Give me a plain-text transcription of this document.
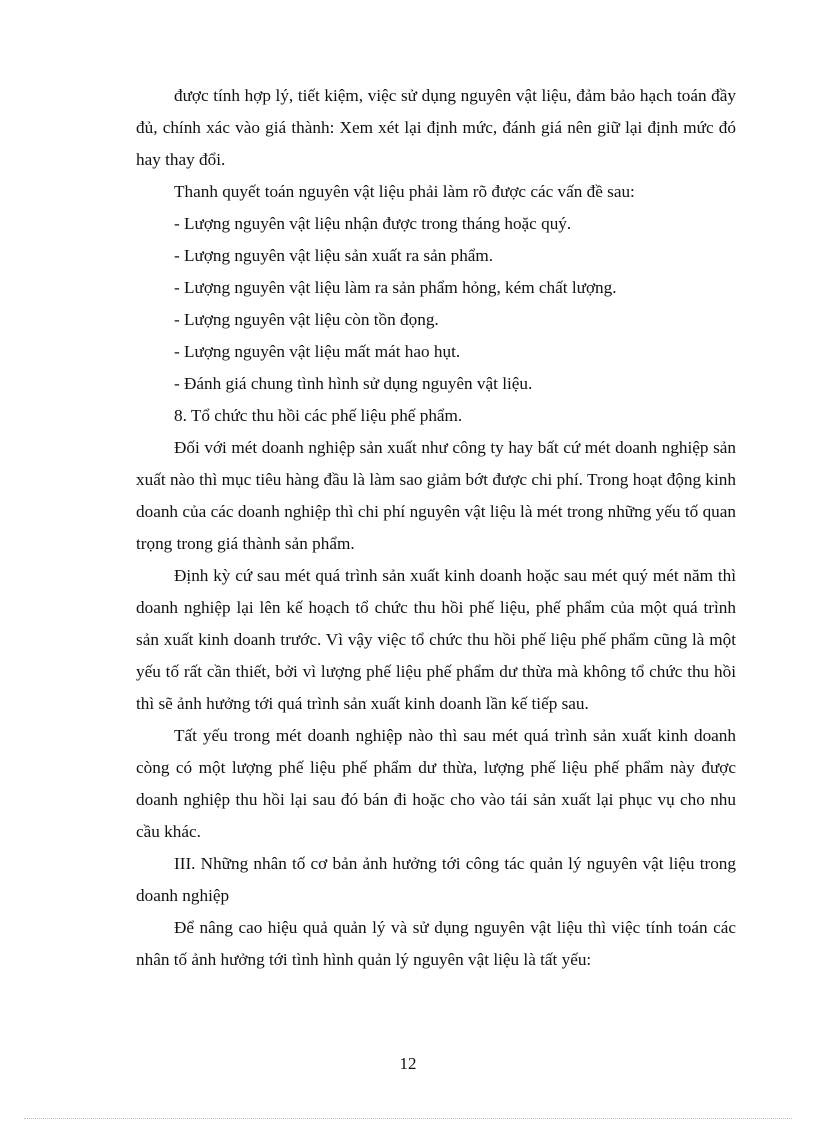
được tính hợp lý, tiết kiệm, việc sử dụng nguyên vật liệu, đảm bảo hạch toán đầy đủ, chính xác vào giá thành: Xem xét lại định mức, đánh giá nên giữ lại định mức đó hay thay đổi.

Thanh quyết toán nguyên vật liệu phải làm rõ được các vấn đề sau:

- Lượng nguyên vật liệu nhận được trong tháng hoặc quý.

- Lượng nguyên vật liệu sản xuất ra sản phẩm.

- Lượng nguyên vật liệu làm ra sản phẩm hỏng, kém chất lượng.

- Lượng nguyên vật liệu còn tồn đọng.

- Lượng nguyên vật liệu mất mát hao hụt.

- Đánh giá chung tình hình sử dụng nguyên vật liệu.

8. Tổ chức thu hồi các phế liệu phế phẩm.

Đối với mét doanh nghiệp sản xuất như công ty hay bất cứ mét doanh nghiệp sản xuất nào thì mục tiêu hàng đầu là làm sao giảm bớt được chi phí. Trong hoạt động kinh doanh của các doanh nghiệp thì chi phí nguyên vật liệu là mét trong những yếu tố quan trọng trong giá thành sản phẩm.

Định kỳ cứ sau mét quá trình sản xuất kinh doanh hoặc sau mét quý mét năm thì doanh nghiệp lại lên kế hoạch tổ chức thu hồi phế liệu, phế phẩm của một quá trình sản xuất kinh doanh trước. Vì vậy việc tổ chức thu hồi phế liệu phế phẩm cũng là một yếu tố rất cần thiết, bởi vì lượng phế liệu phế phẩm dư thừa mà không tổ chức thu hồi thì sẽ ảnh hưởng tới quá trình sản xuất kinh doanh lần kế tiếp sau.

Tất yếu trong mét doanh nghiệp nào thì sau mét quá trình sản xuất kinh doanh còng có một lượng phế liệu phế phẩm dư thừa, lượng phế liệu phế phẩm này được doanh nghiệp thu hồi lại sau đó bán đi hoặc cho vào tái sản xuất lại phục vụ cho nhu cầu khác.

III. Những nhân tố cơ bản ảnh hưởng tới công tác quản lý nguyên vật liệu trong doanh nghiệp

Để nâng cao hiệu quả quản lý và sử dụng nguyên vật liệu thì việc tính toán các nhân tố ảnh hưởng tới tình hình quản lý nguyên vật liệu là tất yếu:

12
